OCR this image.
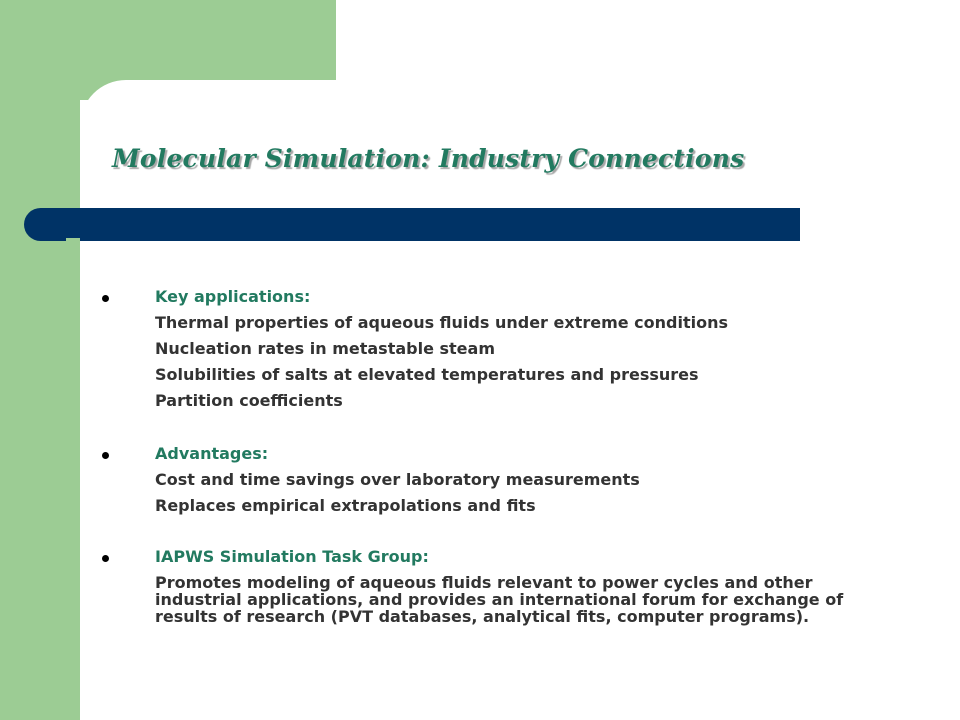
Molecular Simulation: Industry Connections
Key applications:
Thermal properties of aqueous fluids under extreme conditions
Nucleation rates in metastable steam
Solubilities of salts at elevated temperatures and pressures
Partition coefficients
Advantages:
Cost and time savings over laboratory measurements
Replaces empirical extrapolations and fits
IAPWS Simulation Task Group:
Promotes modeling of aqueous fluids relevant to power cycles and other industrial applications, and provides an international forum for exchange of results of research (PVT databases, analytical fits, computer programs).
